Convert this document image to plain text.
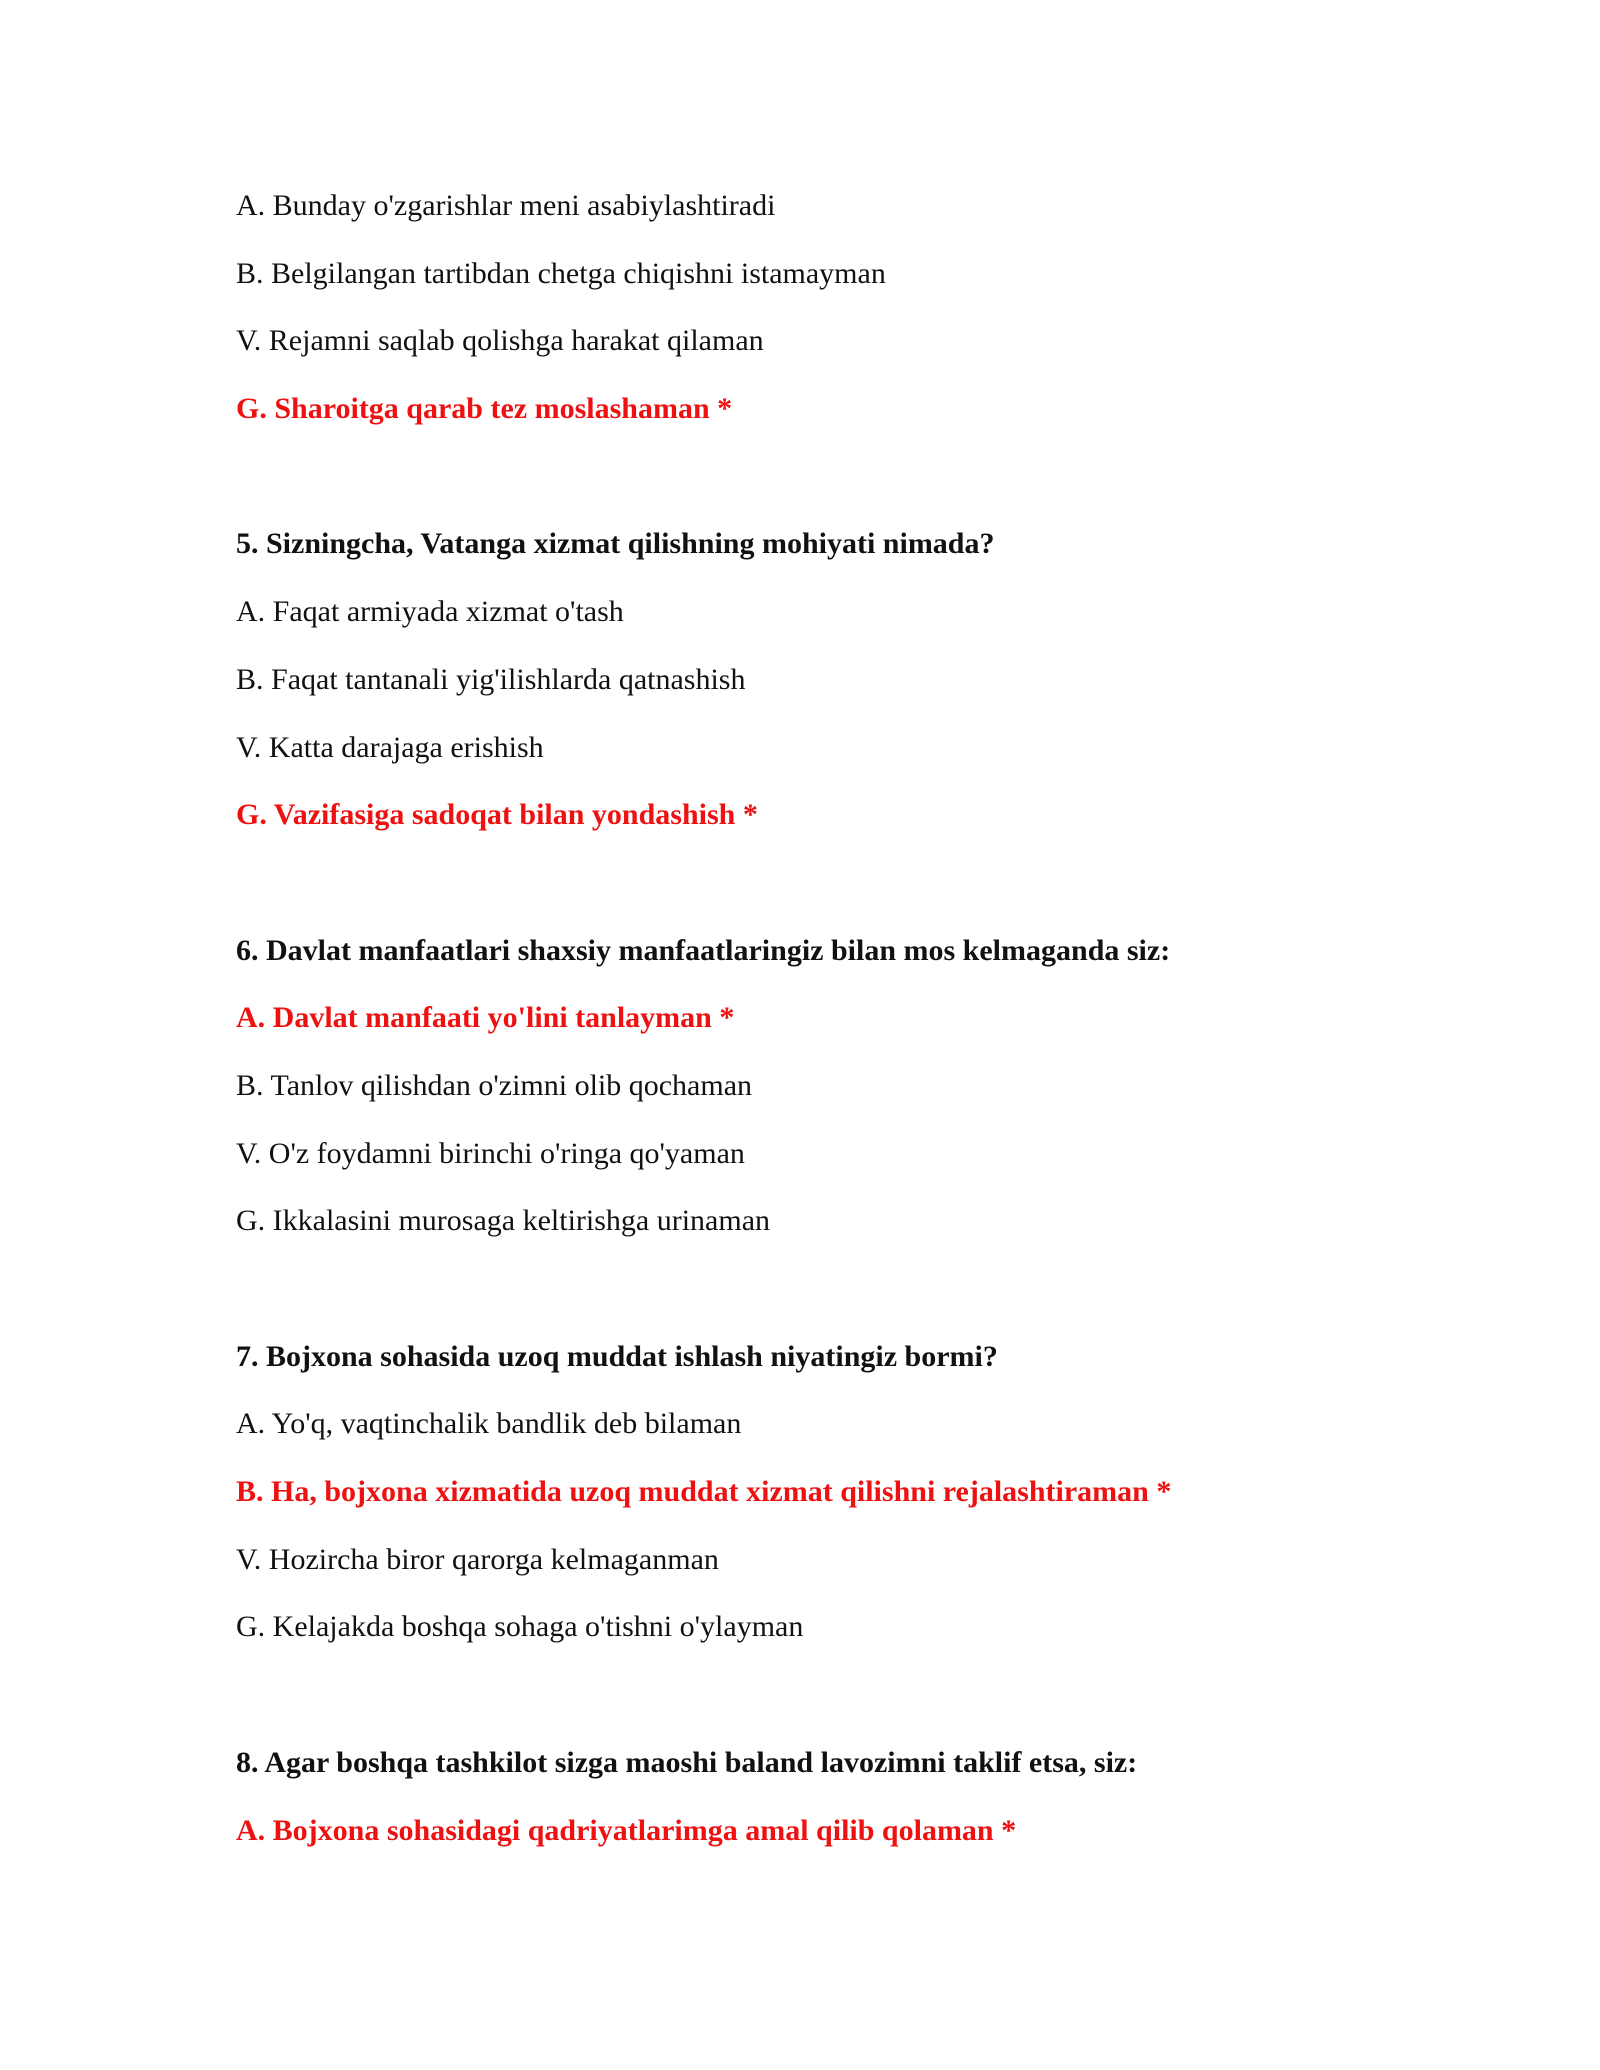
A. Bunday o'zgarishlar meni asabiylashtiradi
B. Belgilangan tartibdan chetga chiqishni istamayman
V. Rejamni saqlab qolishga harakat qilaman
G. Sharoitga qarab tez moslashaman *
5. Sizningcha, Vatanga xizmat qilishning mohiyati nimada?
A. Faqat armiyada xizmat o'tash
B. Faqat tantanali yig'ilishlarda qatnashish
V. Katta darajaga erishish
G. Vazifasiga sadoqat bilan yondashish *
6. Davlat manfaatlari shaxsiy manfaatlaringiz bilan mos kelmaganda siz:
A. Davlat manfaati yo'lini tanlayman *
B. Tanlov qilishdan o'zimni olib qochaman
V. O'z foydamni birinchi o'ringa qo'yaman
G. Ikkalasini murosaga keltirishga urinaman
7. Bojxona sohasida uzoq muddat ishlash niyatingiz bormi?
A. Yo'q, vaqtinchalik bandlik deb bilaman
B. Ha, bojxona xizmatida uzoq muddat xizmat qilishni rejalashtiraman *
V. Hozircha biror qarorga kelmaganman
G. Kelajakda boshqa sohaga o'tishni o'ylayman
8. Agar boshqa tashkilot sizga maoshi baland lavozimni taklif etsa, siz:
A. Bojxona sohasidagi qadriyatlarimga amal qilib qolaman *
